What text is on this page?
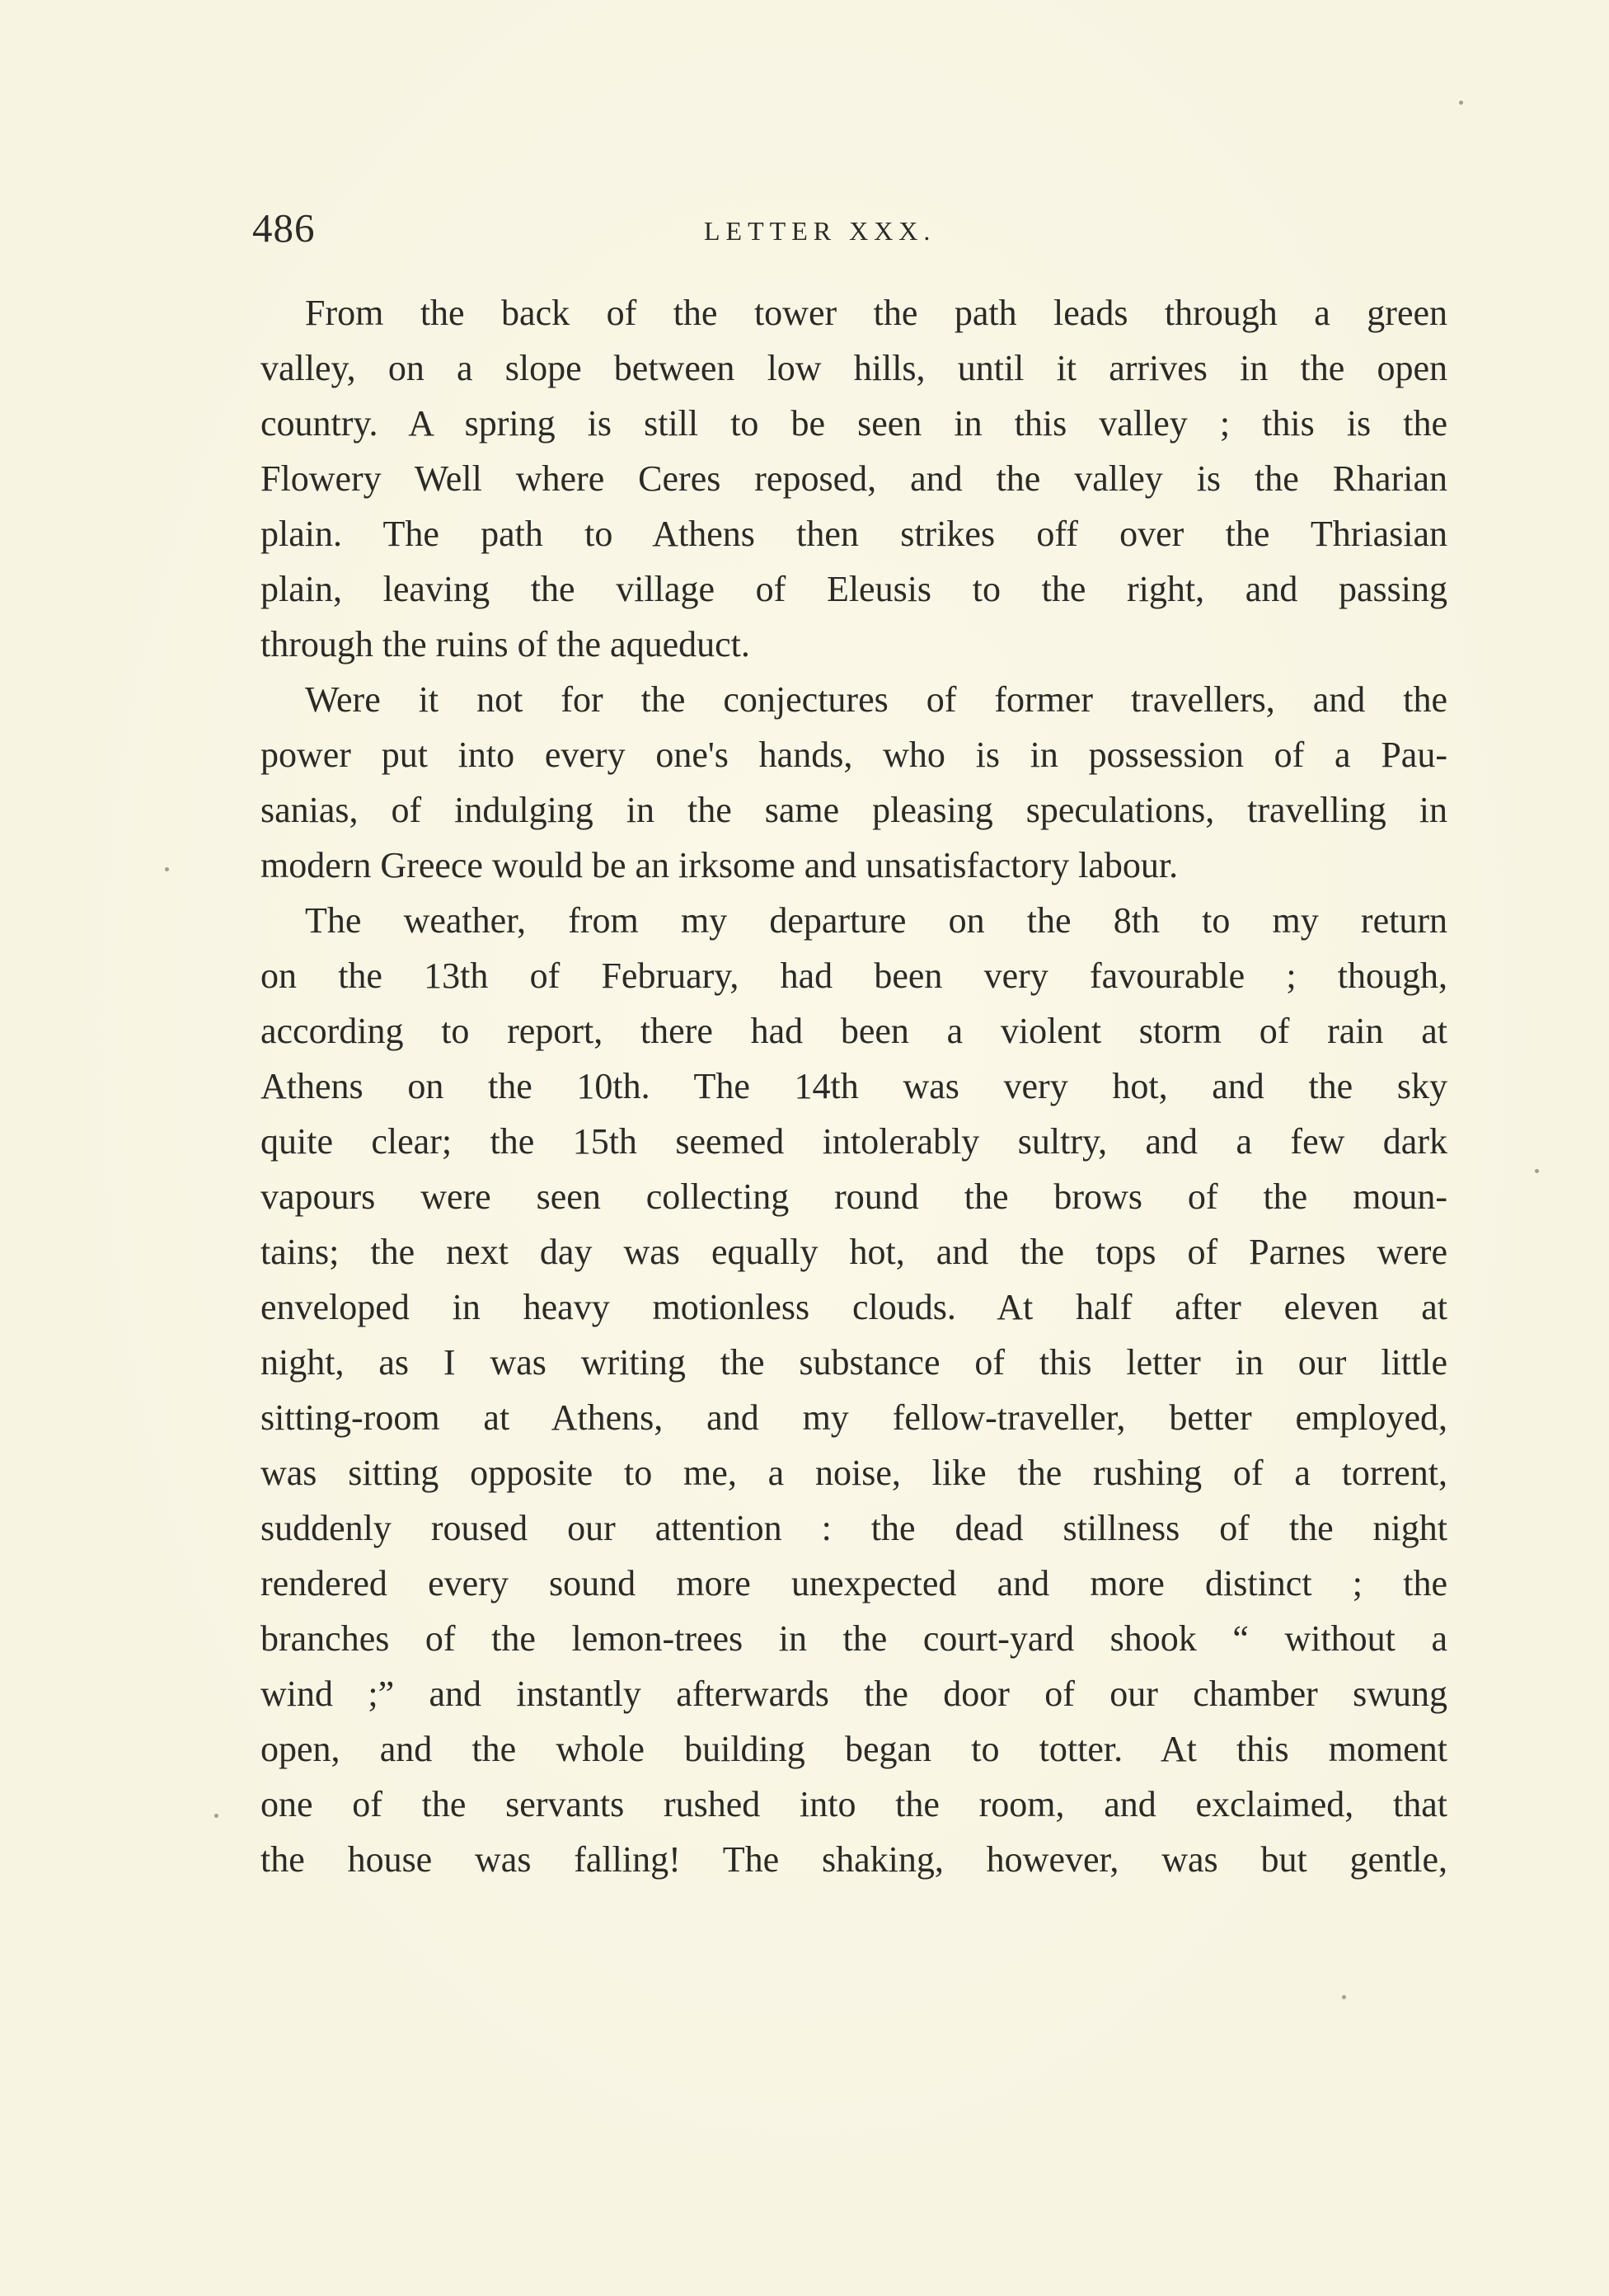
486	LETTER XXX.
From the back of the tower the path leads through a green
valley, on a slope between low hills, until it arrives in the open
country. A spring is still to be seen in this valley ; this is the
Flowery Well where Ceres reposed, and the valley is the Rharian
plain. The path to Athens then strikes off over the Thriasian
plain, leaving the village of Eleusis to the right, and passing
through the ruins of the aqueduct.
Were it not for the conjectures of former travellers, and the
power put into every one's hands, who is in possession of a Pau-
sanias, of indulging in the same pleasing speculations, travelling in
modern Greece would be an irksome and unsatisfactory labour.
The weather, from my departure on the 8th to my return
on the 13th of February, had been very favourable ; though,
according to report, there had been a violent storm of rain at
Athens on the 10th. The 14th was very hot, and the sky
quite clear; the 15th seemed intolerably sultry, and a few dark
vapours were seen collecting round the brows of the moun-
tains; the next day was equally hot, and the tops of Parnes were
enveloped in heavy motionless clouds. At half after eleven at
night, as I was writing the substance of this letter in our little
sitting-room at Athens, and my fellow-traveller, better employed,
was sitting opposite to me, a noise, like the rushing of a torrent,
suddenly roused our attention : the dead stillness of the night
rendered every sound more unexpected and more distinct ; the
branches of the lemon-trees in the court-yard shook “ without a
wind ;” and instantly afterwards the door of our chamber swung
open, and the whole building began to totter. At this moment
one of the servants rushed into the room, and exclaimed, that
the house was falling! The shaking, however, was but gentle,
